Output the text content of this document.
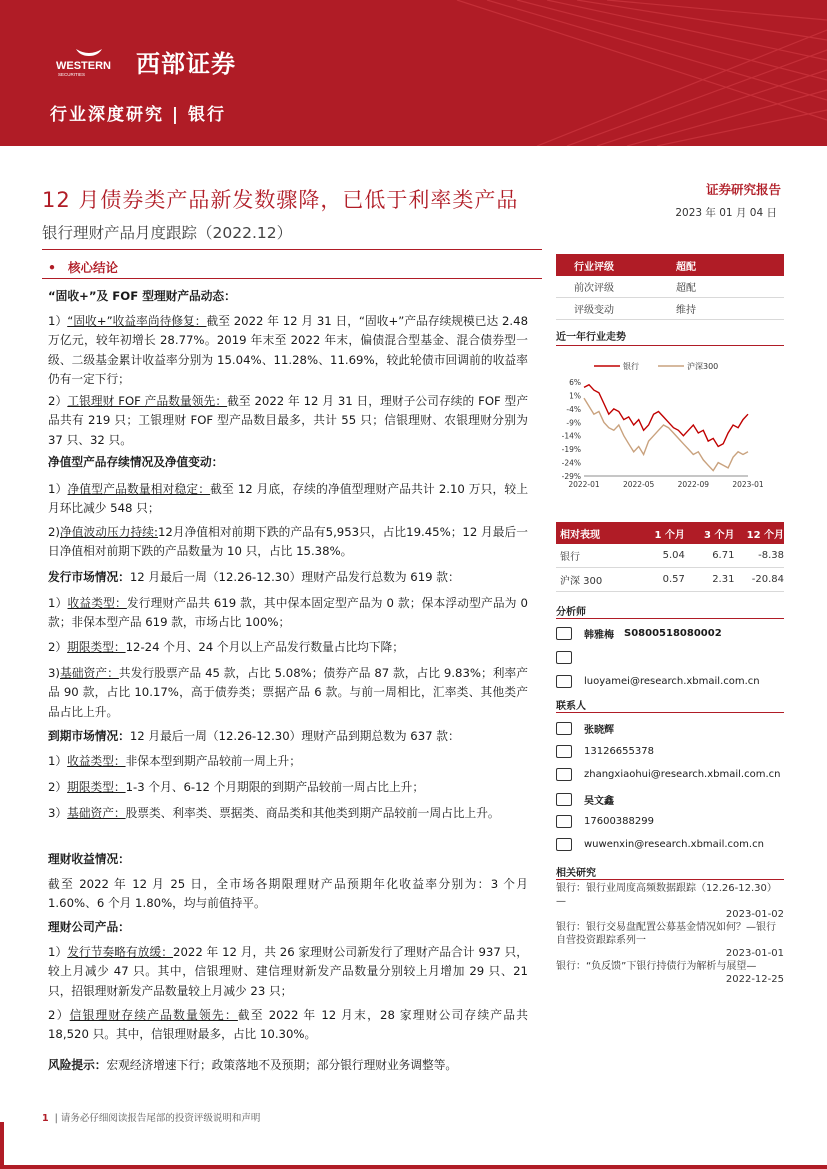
WESTERN
SECURITIES 西部证券
行业深度研究 | 银行
12 月债券类产品新发数骤降，已低于利率类产品
银行理财产品月度跟踪（2022.12）
证券研究报告
2023 年 01 月 04 日
• 核心结论
“固收+”及 FOF 型理财产品动态：
1）“固收+”收益率尚待修复：截至 2022 年 12 月 31 日，“固收+”产品存续规模已达 2.48 万亿元，较年初增长 28.77%。2019 年末至 2022 年末，偏债混合型基金、混合债券型一级、二级基金累计收益率分别为 15.04%、11.28%、11.69%，较此轮债市回调前的收益率仍有一定下行；
2）工银理财 FOF 产品数量领先：截至 2022 年 12 月 31 日，理财子公司存续的 FOF 型产品共有 219 只；工银理财 FOF 型产品数目最多，共计 55 只；信银理财、农银理财分别为 37 只、32 只。
净值型产品存续情况及净值变动：
1）净值型产品数量相对稳定：截至 12 月底，存续的净值型理财产品共计 2.10 万只，较上月环比减少 548 只；
2)净值波动压力持续:12月净值相对前期下跌的产品有5,953只，占比19.45%；12 月最后一日净值相对前期下跌的产品数量为 10 只，占比 15.38%。
发行市场情况：12 月最后一周（12.26-12.30）理财产品发行总数为 619 款：
1）收益类型：发行理财产品共 619 款，其中保本固定型产品为 0 款；保本浮动型产品为 0 款；非保本型产品 619 款，市场占比 100%；
2）期限类型：12-24 个月、24 个月以上产品发行数量占比均下降；
3)基础资产：共发行股票产品 45 款，占比 5.08%；债券产品 87 款，占比 9.83%；利率产品 90 款，占比 10.17%，高于债券类；票据产品 6 款。与前一周相比，汇率类、其他类产品占比上升。
到期市场情况：12 月最后一周（12.26-12.30）理财产品到期总数为 637 款：
1）收益类型：非保本型到期产品较前一周上升；
2）期限类型：1-3 个月、6-12 个月期限的到期产品较前一周占比上升；
3）基础资产：股票类、利率类、票据类、商品类和其他类到期产品较前一周占比上升。
理财收益情况：
截至 2022 年 12 月 25 日，全市场各期限理财产品预期年化收益率分别为：3 个月 1.60%、6 个月 1.80%，均与前值持平。
理财公司产品：
1）发行节奏略有放缓：2022 年 12 月，共 26 家理财公司新发行了理财产品合计 937 只，较上月减少 47 只。其中，信银理财、建信理财新发产品数量分别较上月增加 29 只、21 只，招银理财新发产品数量较上月减少 23 只；
2）信银理财存续产品数量领先：截至 2022 年 12 月末，28 家理财公司存续产品共 18,520 只。其中，信银理财最多，占比 10.30%。
风险提示：宏观经济增速下行；政策落地不及预期；部分银行理财业务调整等。
行业评级	超配
前次评级	超配
评级变动	维持
近一年行业走势
银行	沪深300
6%
1%
-4%
-9%
-14%
-19%
-24%
-29%
2022-01	2022-05	2022-09	2023-01
相对表现	1 个月	3 个月	12 个月
银行	5.04	6.71	-8.38
沪深 300	0.57	2.31	-20.84
分析师
韩雅梅 S0800518080002
luoyamei@research.xbmail.com.cn
联系人
张晓辉
13126655378
zhangxiaohui@research.xbmail.com.cn
吴文鑫
17600388299
wuwenxin@research.xbmail.com.cn
相关研究
银行：银行业周度高频数据跟踪（12.26-12.30）—
2023-01-02
银行：银行交易盘配置公募基金情况如何？—银行自营投资跟踪系列一
2023-01-01
银行：“负反馈”下银行持债行为解析与展望—
2022-12-25
1 | 请务必仔细阅读报告尾部的投资评级说明和声明
